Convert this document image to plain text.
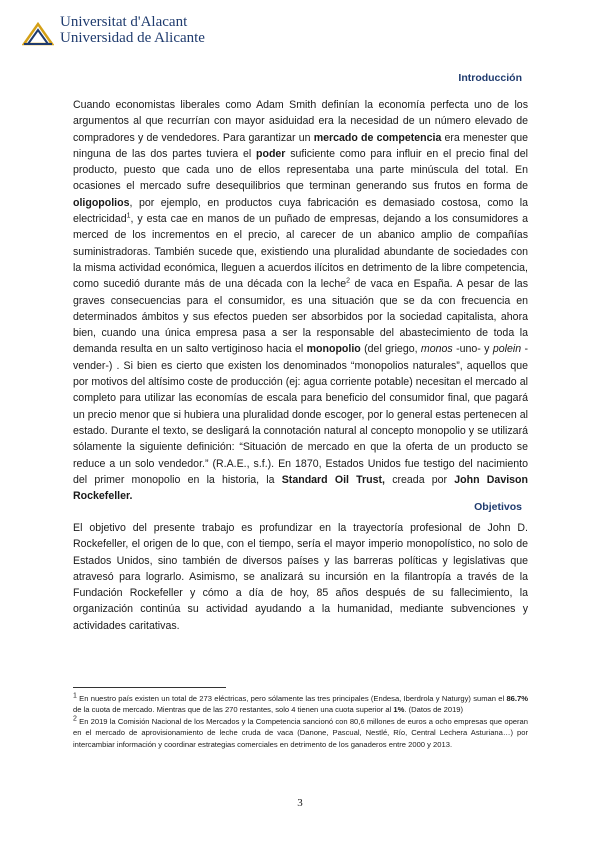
Universitat d'Alacant
Universidad de Alicante
Introducción

Cuando economistas liberales como Adam Smith definían la economía perfecta uno de los argumentos al que recurrían con mayor asiduidad era la necesidad de un número elevado de compradores y de vendedores. Para garantizar un mercado de competencia era menester que ninguna de las dos partes tuviera el poder suficiente como para influir en el precio final del producto, puesto que cada uno de ellos representaba una parte minúscula del total. En ocasiones el mercado sufre desequilibrios que terminan generando sus frutos en forma de oligopolios, por ejemplo, en productos cuya fabricación es demasiado costosa, como la electricidad$^1$, y esta cae en manos de un puñado de empresas, dejando a los consumidores a merced de los incrementos en el precio, al carecer de un abanico amplio de compañías suministradoras. También sucede que, existiendo una pluralidad abundante de sociedades con la misma actividad económica, lleguen a acuerdos ilícitos en detrimento de la libre competencia, como sucedió durante más de una década con la leche$^2$ de vaca en España. A pesar de las graves consecuencias para el consumidor, es una situación que se da con frecuencia en determinados ámbitos y sus efectos pueden ser absorbidos por la sociedad capitalista, ahora bien, cuando una única empresa pasa a ser la responsable del abastecimiento de toda la demanda resulta en un salto vertiginoso hacia el monopolio (del griego, monos -uno- y polein -vender-) . Si bien es cierto que existen los denominados “monopolios naturales”, aquellos que por motivos del altísimo coste de producción (ej: agua corriente potable) necesitan el mercado al completo para utilizar las economías de escala para beneficio del consumidor final, que pagará un precio menor que si hubiera una pluralidad donde escoger, por lo general estas pertenecen al estado. Durante el texto, se desligará la connotación natural al concepto monopolio y se utilizará sólamente la siguiente definición: “Situación de mercado en que la oferta de un producto se reduce a un solo vendedor.” (R.A.E., s.f.). En 1870, Estados Unidos fue testigo del nacimiento del primer monopolio en la historia, la Standard Oil Trust, creada por John Davison Rockefeller.

Objetivos

El objetivo del presente trabajo es profundizar en la trayectoría profesional de John D. Rockefeller, el origen de lo que, con el tiempo, sería el mayor imperio monopolístico, no solo de Estados Unidos, sino también de diversos países y las barreras políticas y legislativas que atravesó para lograrlo. Asimismo, se analizará su incursión en la filantropía a través de la Fundación Rockefeller y cómo a día de hoy, 85 años después de su fallecimiento, la organización continúa su actividad ayudando a la humanidad, mediante subvenciones y actividades caritativas.

$^1$ En nuestro país existen un total de 273 eléctricas, pero sólamente las tres principales (Endesa, Iberdrola y Naturgy) suman el 86.7% de la cuota de mercado. Mientras que de las 270 restantes, solo 4 tienen una cuota superior al 1%. (Datos de 2019)

$^2$ En 2019 la Comisión Nacional de los Mercados y la Competencia sancionó con 80,6 millones de euros a ocho empresas que operan en el mercado de aprovisionamiento de leche cruda de vaca (Danone, Pascual, Nestlé, Río, Central Lechera Asturiana…) por intercambiar información y coordinar estrategias comerciales en detrimento de los ganaderos entre 2000 y 2013.

3
